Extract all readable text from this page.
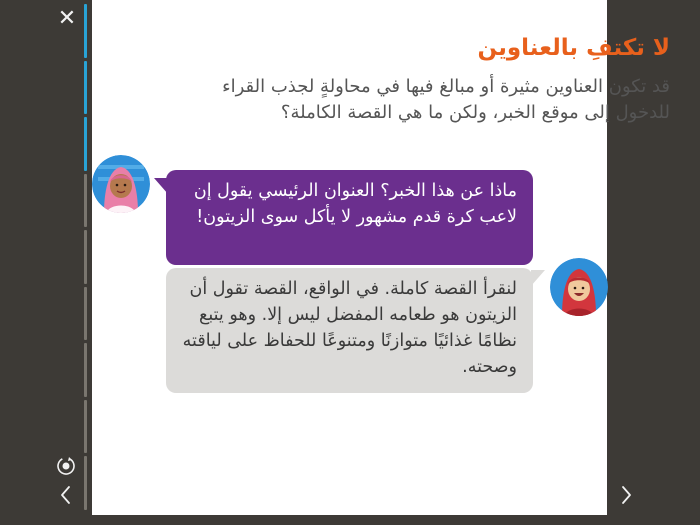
✕
لا تكتفِ بالعناوين
قد تكون العناوين مثيرة أو مبالغ فيها في محاولةٍ لجذب القراء للدخول إلى موقع الخبر، ولكن ما هي القصة الكاملة؟
ماذا عن هذا الخبر؟ العنوان الرئيسي يقول إن لاعب كرة قدم مشهور لا يأكل سوى الزيتون!
لنقرأ القصة كاملة. في الواقع، القصة تقول أن الزيتون هو طعامه المفضل ليس إلا. وهو يتبع نظامًا غذائيًا متوازنًا ومتنوعًا للحفاظ على لياقته وصحته.
